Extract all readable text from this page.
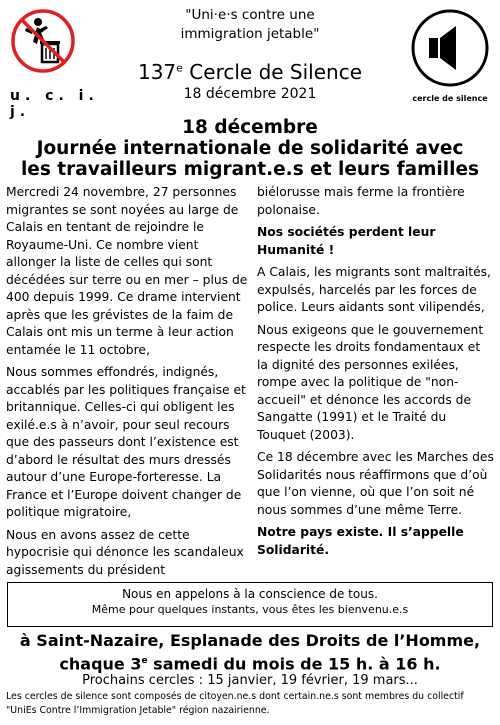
u. c. i. j.
"Uni·e·s contre une
immigration jetable"
137e Cercle de Silence
18 décembre 2021	cercle de silence
18 décembre
Journée internationale de solidarité avec
les travailleurs migrant.e.s et leurs familles

Mercredi 24 novembre, 27 personnes migrantes se sont noyées au large de Calais en tentant de rejoindre le Royaume-Uni. Ce nombre vient allonger la liste de celles qui sont décédées sur terre ou en mer – plus de 400 depuis 1999. Ce drame intervient après que les grévistes de la faim de Calais ont mis un terme à leur action entamée le 11 octobre,

Nous sommes effondrés, indignés, accablés par les politiques française et britannique. Celles-ci qui obligent les exilé.e.s à n’avoir, pour seul recours que des passeurs dont l’existence est d’abord le résultat des murs dressés autour d’une Europe-forteresse. La France et l’Europe doivent changer de politique migratoire,

Nous en avons assez de cette hypocrisie qui dénonce les scandaleux agissements du président

biélorusse mais ferme la frontière polonaise.

Nos sociétés perdent leur Humanité !

A Calais, les migrants sont maltraités, expulsés, harcelés par les forces de police. Leurs aidants sont vilipendés,

Nous exigeons que le gouvernement respecte les droits fondamentaux et la dignité des personnes exilées, rompe avec la politique de "non-accueil" et dénonce les accords de Sangatte (1991) et le Traité du Touquet (2003).

Ce 18 décembre avec les Marches des Solidarités nous réaffirmons que d’où que l’on vienne, où que l’on soit né nous sommes d’une même Terre.

Notre pays existe. Il s’appelle Solidarité.

Nous en appelons à la conscience de tous.
Même pour quelques instants, vous êtes les bienvenu.e.s
à Saint-Nazaire, Esplanade des Droits de l’Homme,
chaque 3e samedi du mois de 15 h. à 16 h.
Prochains cercles : 15 janvier, 19 février, 19 mars...
Les cercles de silence sont composés de citoyen.ne.s dont certain.ne.s sont membres du collectif "UniEs Contre l’Immigration Jetable" région nazairienne.
